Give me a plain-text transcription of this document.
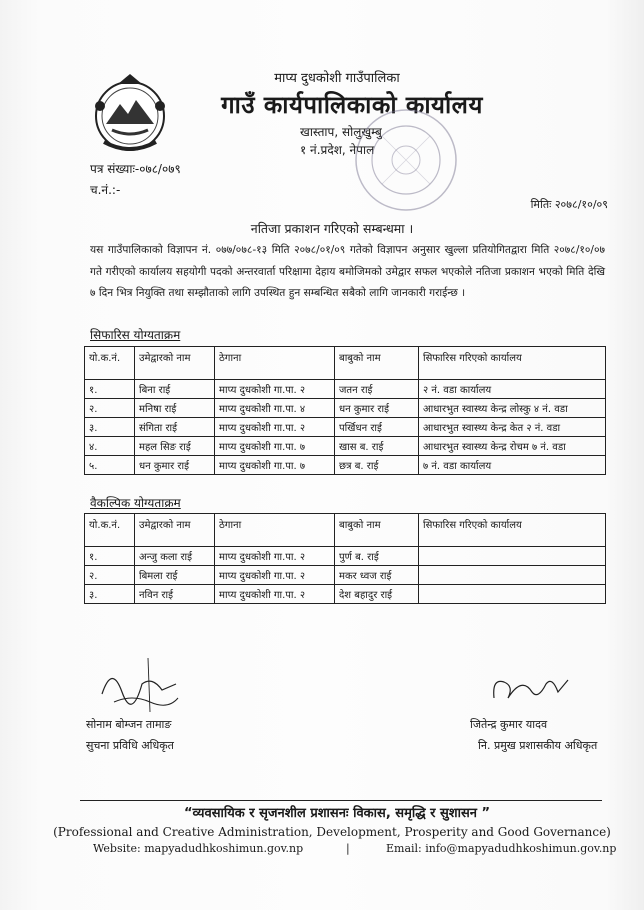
माप्य दुधकोशी गाउँपालिका
गाउँ कार्यपालिकाको कार्यालय
खास्ताप, सोलुखुम्बु
१ नं.प्रदेश, नेपाल
पत्र संख्याः-०७८/०७९
च.नं.:-
मितिः २०७८/१०/०९
नतिजा प्रकाशन गरिएको सम्बन्धमा ।
यस गाउँपालिकाको विज्ञापन नं. ०७७/०७८-१३ मिति २०७८/०१/०९ गतेको विज्ञापन अनुसार खुल्ला प्रतियोगितद्वारा मिति २०७८/१०/०७ गते गरीएको कार्यालय सहयोगी पदको अन्तरवार्ता परिक्षामा देहाय बमोजिमको उमेद्वार सफल भएकोले नतिजा प्रकाशन भएको मिति देखि ७ दिन भित्र नियुक्ति तथा सम्झौताको लागि उपस्थित हुन सम्बन्धित सबैको लागि जानकारी गराईन्छ ।
सिफारिस योग्यताक्रम
यो.क.नं.	उमेद्वारको नाम	ठेगाना	बाबुको नाम	सिफारिस गरिएको कार्यालय
१.	बिना राई	माप्य दुधकोशी गा.पा. २	जतन राई	२ नं. वडा कार्यालय
२.	मनिषा राई	माप्य दुधकोशी गा.पा. ४	धन कुमार राई	आधारभुत स्वास्थ्य केन्द्र लोस्कु ४ नं. वडा
३.	संगिता राई	माप्य दुधकोशी गा.पा. २	पर्खिधन राई	आधारभुत स्वास्थ्य केन्द्र केत २ नं. वडा
४.	महल सिङ राई	माप्य दुधकोशी गा.पा. ७	खास ब. राई	आधारभुत स्वास्थ्य केन्द्र रोचम ७ नं. वडा
५.	धन कुमार राई	माप्य दुधकोशी गा.पा. ७	छत्र ब. राई	७ नं. वडा कार्यालय
वैकल्पिक योग्यताक्रम
यो.क.नं.	उमेद्वारको नाम	ठेगाना	बाबुको नाम	सिफारिस गरिएको कार्यालय
१.	अन्जु कला राई	माप्य दुधकोशी गा.पा. २	पुर्ण ब. राई	
२.	बिमला राई	माप्य दुधकोशी गा.पा. २	मकर ध्वज राई	
३.	नविन राई	माप्य दुधकोशी गा.पा. २	देश बहादुर राई	
सोनाम बोम्जन तामाङ
सुचना प्रविधि अधिकृत
जितेन्द्र कुमार यादव
नि. प्रमुख प्रशासकीय अधिकृत
“व्यवसायिक र सृजनशील प्रशासनः विकास, समृद्धि र सुशासन ”
(Professional and Creative Administration, Development, Prosperity and Good Governance)
Website: mapyadudhkoshimun.gov.np	|	Email: info@mapyadudhkoshimun.gov.np
